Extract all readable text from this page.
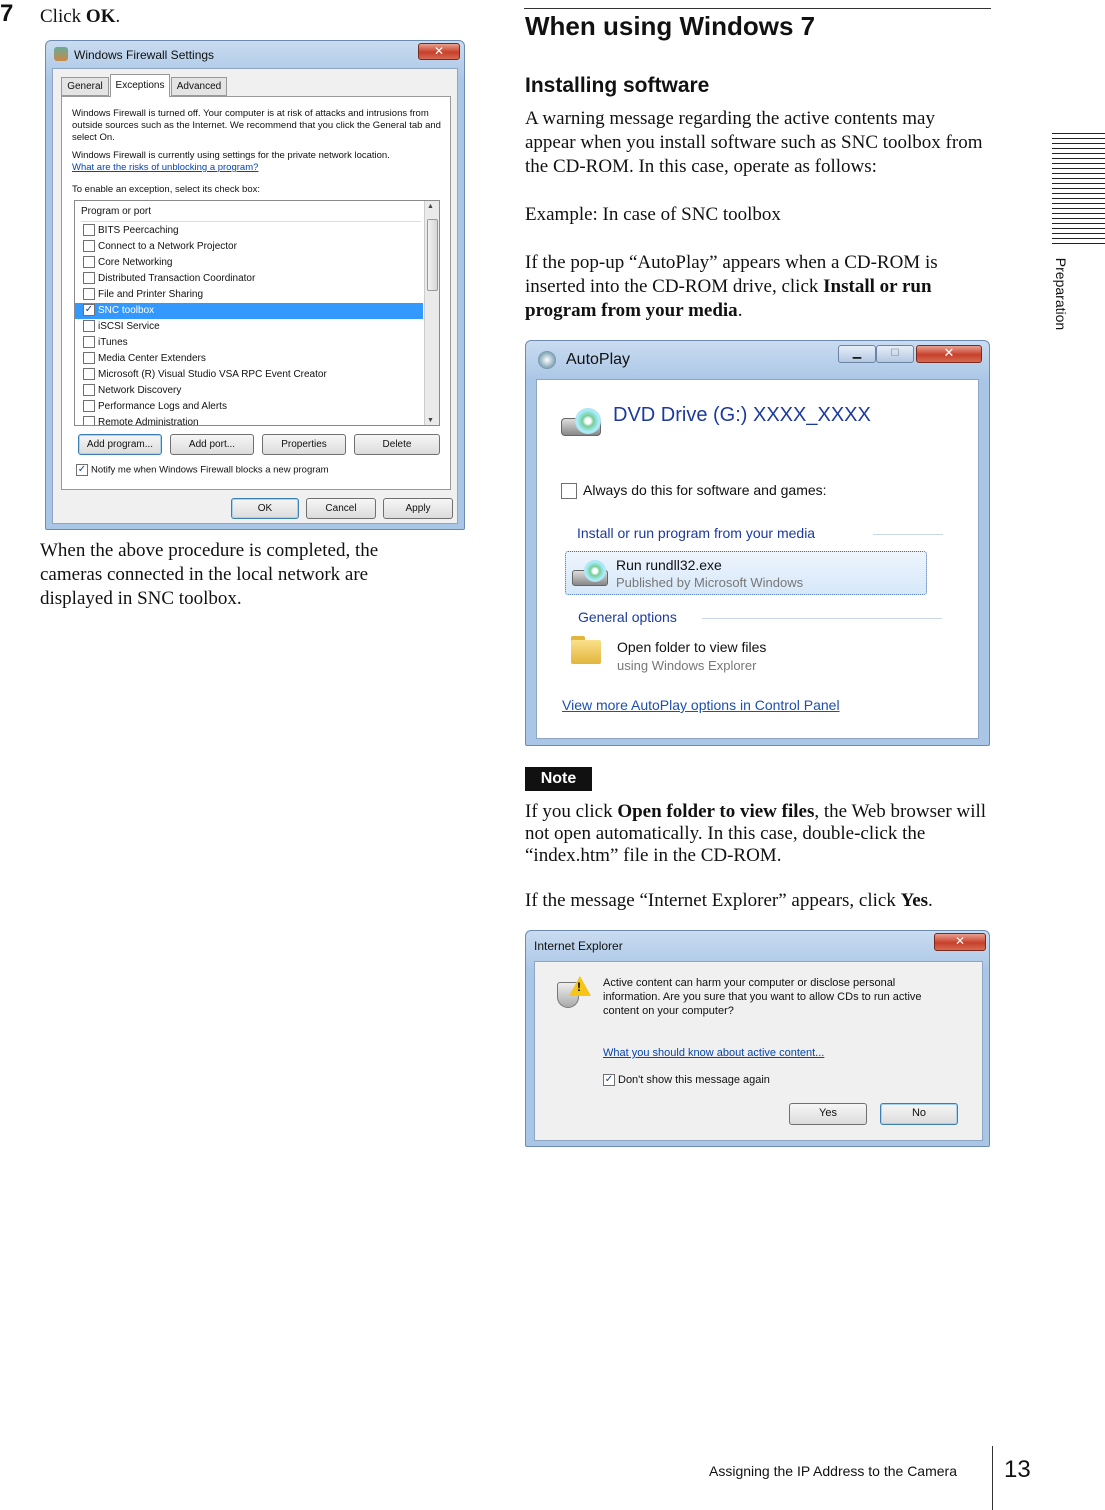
7 Click OK.
Windows Firewall Settings	✕
General	Exceptions	Advanced
Windows Firewall is turned off. Your computer is at risk of attacks and intrusions from outside sources such as the Internet. We recommend that you click the General tab and select On.
Windows Firewall is currently using settings for the private network location.
What are the risks of unblocking a program?
To enable an exception, select its check box:
Program or port
BITS Peercaching
Connect to a Network Projector
Core Networking
Distributed Transaction Coordinator
File and Printer Sharing
✓ SNC toolbox
iSCSI Service
iTunes
Media Center Extenders
Microsoft (R) Visual Studio VSA RPC Event Creator
Network Discovery
Performance Logs and Alerts
Remote Administration
▲
▼
Add program...	Add port...	Properties	Delete
✓ Notify me when Windows Firewall blocks a new program
OK	Cancel	Apply
When the above procedure is completed, the cameras connected in the local network are displayed in SNC toolbox.
When using Windows 7
Installing software
A warning message regarding the active contents may appear when you install software such as SNC toolbox from the CD-ROM. In this case, operate as follows:
Example: In case of SNC toolbox
If the pop-up “AutoPlay” appears when a CD-ROM is inserted into the CD-ROM drive, click Install or run program from your media.
AutoPlay	▁	☐	✕
DVD Drive (G:) XXXX_XXXX
Always do this for software and games:
Install or run program from your media
Run rundll32.exe
Published by Microsoft Windows
General options
Open folder to view files
using Windows Explorer
View more AutoPlay options in Control Panel
Note
If you click Open folder to view files, the Web browser will not open automatically. In this case, double-click the “index.htm” file in the CD-ROM.
If the message “Internet Explorer” appears, click Yes.
Internet Explorer	✕
! Active content can harm your computer or disclose personal information. Are you sure that you want to allow CDs to run active content on your computer?
What you should know about active content...
✓ Don't show this message again
Yes	No
Preparation
Assigning the IP Address to the Camera 13
